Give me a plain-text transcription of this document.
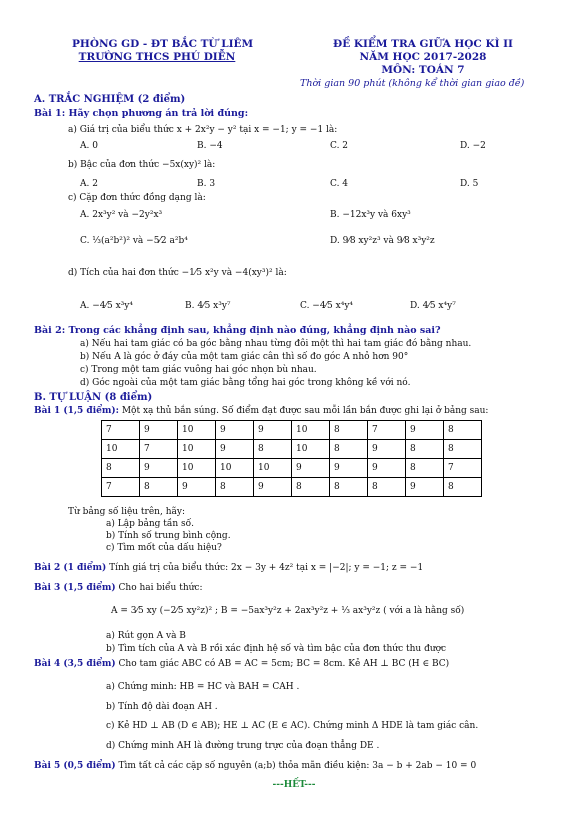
PHÒNG GD - ĐT BẮC TỪ LIÊM
TRƯỜNG THCS PHÚ DIỄN
ĐỀ KIỂM TRA GIỮA HỌC KÌ II
NĂM HỌC 2017-2028
MÔN: TOÁN 7
Thời gian 90 phút (không kể thời gian giao đề)
A. TRẮC NGHIỆM (2 điểm)
Bài 1: Hãy chọn phương án trả lời đúng:
a) Giá trị của biểu thức x + 2x²y − y² tại x = −1; y = −1 là:
A. 0	B. −4	C. 2	D. −2
b) Bậc của đơn thức −5x(xy)² là:
A. 2	B. 3	C. 4	D. 5
c) Cặp đơn thức đồng dạng là:
A. 2x³y² và −2y²x³	B. −12x³y và 6xy³
C. ⅓(a²b²)² và −5⁄2 a²b⁴	D. 9⁄8 xy²z³ và 9⁄8 x³y²z
d) Tích của hai đơn thức −1⁄5 x²y và −4(xy³)² là:
A. −4⁄5 x³y⁴	B. 4⁄5 x³y⁷	C. −4⁄5 x⁴y⁴	D. 4⁄5 x⁴y⁷
Bài 2: Trong các khẳng định sau, khẳng định nào đúng, khẳng định nào sai?
a) Nếu hai tam giác có ba góc bằng nhau từng đôi một thì hai tam giác đó bằng nhau.
b) Nếu A là góc ở đáy của một tam giác cân thì số đo góc A nhỏ hơn 90°
c) Trong một tam giác vuông hai góc nhọn bù nhau.
d) Góc ngoài của một tam giác bằng tổng hai góc trong không kề với nó.
B. TỰ LUẬN (8 điểm)
Bài 1 (1,5 điểm): Một xạ thủ bắn súng. Số điểm đạt được sau mỗi lần bắn được ghi lại ở bảng sau:
7	9	10	9	9	10	8	7	9	8
10	7	10	9	8	10	8	9	8	8
8	9	10	10	10	9	9	9	8	7
7	8	9	8	9	8	8	8	9	8
Từ bảng số liệu trên, hãy:
a) Lập bảng tần số.
b) Tính số trung bình cộng.
c) Tìm mốt của dấu hiệu?
Bài 2 (1 điểm) Tính giá trị của biểu thức: 2x − 3y + 4z² tại x = |−2|; y = −1; z = −1
Bài 3 (1,5 điểm) Cho hai biểu thức:
A = 3⁄5 xy (−2⁄5 xy²z)² ; B = −5ax³y²z + 2ax³y²z + ⅓ ax³y²z ( với a là hằng số)
a) Rút gọn A và B
b) Tìm tích của A và B rồi xác định hệ số và tìm bậc của đơn thức thu được
Bài 4 (3,5 điểm) Cho tam giác ABC có AB = AC = 5cm; BC = 8cm. Kẻ AH ⊥ BC (H ∈ BC)
a) Chứng minh: HB = HC và BAH = CAH .
b) Tính độ dài đoạn AH .
c) Kẻ HD ⊥ AB (D ∈ AB); HE ⊥ AC (E ∈ AC). Chứng minh Δ HDE là tam giác cân.
d) Chứng minh AH là đường trung trực của đoạn thẳng DE .
Bài 5 (0,5 điểm) Tìm tất cả các cặp số nguyên (a;b) thỏa mãn điều kiện: 3a − b + 2ab − 10 = 0
---HẾT---
